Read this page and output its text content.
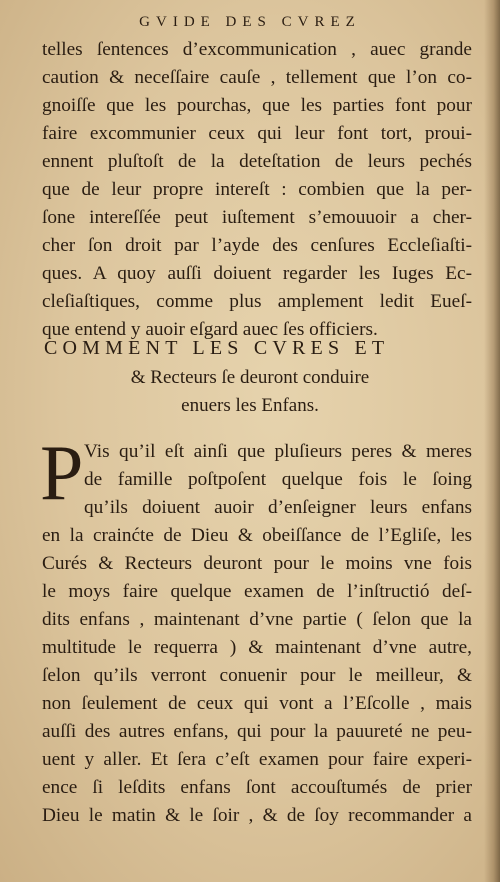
GVIDE DES CVREZ
telles ſentences d’excommunication , auec grande
caution & neceſſaire cauſe , tellement que l’on co-
gnoiſſe que les pourchas, que les parties font pour
faire excommunier ceux qui leur font tort, proui-
ennent pluſtoſt de la deteſtation de leurs pechés
que de leur propre intereſt : combien que la per-
ſone intereſſée peut iuſtement s’emouuoir a cher-
cher ſon droit par l’ayde des cenſures Eccleſiaſti-
ques. A quoy auſſi doiuent regarder les Iuges Ec-
cleſiaſtiques, comme plus amplement ledit Eueſ-
que entend y auoir eſgard auec ſes officiers.
COMMENT LES CVRES ET
& Recteurs ſe deuront conduire
enuers les Enfans.
P Vis qu’il eſt ainſi que pluſieurs peres & meres
de famille poſtpoſent quelque fois le ſoing
qu’ils doiuent auoir d’enſeigner leurs enfans
en la crainćte de Dieu & obeiſſance de l’Egliſe, les
Curés & Recteurs deuront pour le moins vne fois
le moys faire quelque examen de l’inſtructió deſ-
dits enfans , maintenant d’vne partie ( ſelon que la
multitude le requerra ) & maintenant d’vne autre,
ſelon qu’ils verront conuenir pour le meilleur, &
non ſeulement de ceux qui vont a l’Eſcolle , mais
auſſi des autres enfans, qui pour la pauureté ne peu-
uent y aller. Et ſera c’eſt examen pour faire experi-
ence ſi leſdits enfans ſont accouſtumés de prier
Dieu le matin & le ſoir , & de ſoy recommander a
